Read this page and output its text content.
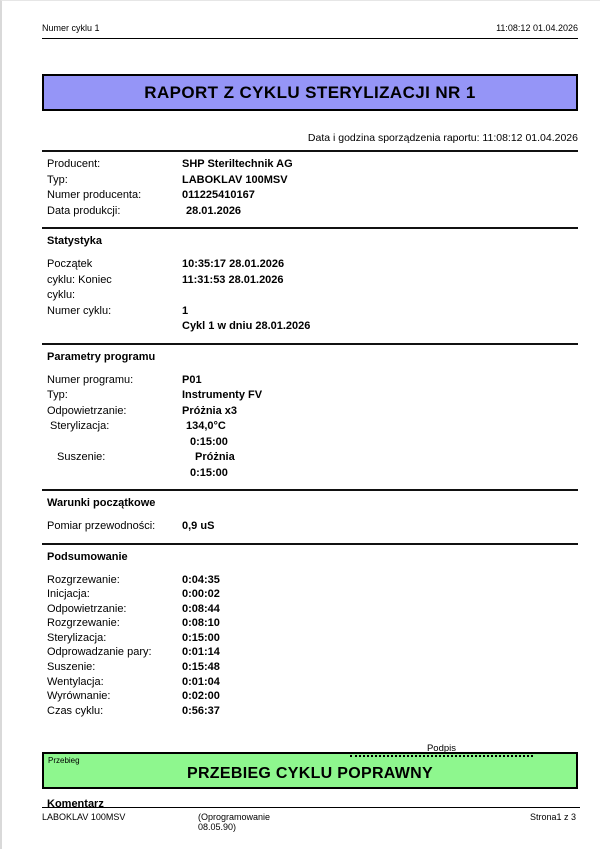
Numer cyklu 1	11:08:12 01.04.2026
RAPORT Z CYKLU STERYLIZACJI NR 1
Data i godzina sporządzenia raportu: 11:08:12 01.04.2026
Producent:	SHP Steriltechnik AG
Typ:	LABOKLAV 100MSV
Numer producenta:	011225410167
Data produkcji:	28.01.2026
Statystyka
Początek	10:35:17 28.01.2026
cyklu: Koniec	11:31:53 28.01.2026
cyklu:
Numer cyklu:	1
Cykl 1 w dniu 28.01.2026
Parametry programu
Numer programu:	P01
Typ:	Instrumenty FV
Odpowietrzanie:	Próżnia x3
Sterylizacja:	134,0°C
0:15:00
Suszenie:	Próżnia
0:15:00
Warunki początkowe
Pomiar przewodności:	0,9 uS
Podsumowanie
Rozgrzewanie:	0:04:35
Inicjacja:	0:00:02
Odpowietrzanie:	0:08:44
Rozgrzewanie:	0:08:10
Sterylizacja:	0:15:00
Odprowadzanie pary:	0:01:14
Suszenie:	0:15:48
Wentylacja:	0:01:04
Wyrównanie:	0:02:00
Czas cyklu:	0:56:37
Przebieg
PRZEBIEG CYKLU POPRAWNY
Komentarz
Podpis
LABOKLAV 100MSV	(Oprogramowanie
08.05.90)
Strona1 z 3
